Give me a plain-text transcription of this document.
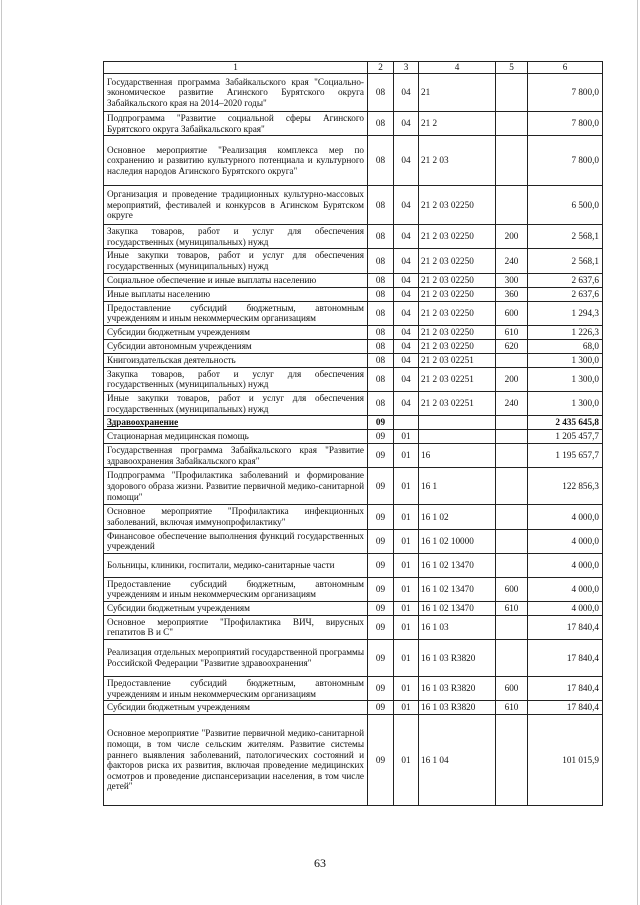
1	2	3	4	5	6
Государственная программа Забайкальского края "Социально-экономическое развитие Агинского Бурятского округа Забайкальского края на 2014–2020 годы"	08	04	21		7 800,0
Подпрограмма "Развитие социальной сферы Агинского Бурятского округа Забайкальского края"	08	04	21 2		7 800,0
Основное мероприятие "Реализация комплекса мер по сохранению и развитию культурного потенциала и культурного наследия народов Агинского Бурятского округа"	08	04	21 2 03		7 800,0
Организация и проведение традиционных культурно-массовых мероприятий, фестивалей и конкурсов в Агинском Бурятском округе	08	04	21 2 03 02250		6 500,0
Закупка товаров, работ и услуг для обеспечения государственных (муниципальных) нужд	08	04	21 2 03 02250	200	2 568,1
Иные закупки товаров, работ и услуг для обеспечения государственных (муниципальных) нужд	08	04	21 2 03 02250	240	2 568,1
Социальное обеспечение и иные выплаты населению	08	04	21 2 03 02250	300	2 637,6
Иные выплаты населению	08	04	21 2 03 02250	360	2 637,6
Предоставление субсидий бюджетным, автономным учреждениям и иным некоммерческим организациям	08	04	21 2 03 02250	600	1 294,3
Субсидии бюджетным учреждениям	08	04	21 2 03 02250	610	1 226,3
Субсидии автономным учреждениям	08	04	21 2 03 02250	620	68,0
Книгоиздательская деятельность	08	04	21 2 03 02251		1 300,0
Закупка товаров, работ и услуг для обеспечения государственных (муниципальных) нужд	08	04	21 2 03 02251	200	1 300,0
Иные закупки товаров, работ и услуг для обеспечения государственных (муниципальных) нужд	08	04	21 2 03 02251	240	1 300,0
Здравоохранение	09				2 435 645,8
Стационарная медицинская помощь	09	01			1 205 457,7
Государственная программа Забайкальского края "Развитие здравоохранения Забайкальского края"	09	01	16		1 195 657,7
Подпрограмма "Профилактика заболеваний и формирование здорового образа жизни. Развитие первичной медико-санитарной помощи"	09	01	16 1		122 856,3
Основное мероприятие "Профилактика инфекционных заболеваний, включая иммунопрофилактику"	09	01	16 1 02		4 000,0
Финансовое обеспечение выполнения функций государственных учреждений	09	01	16 1 02 10000		4 000,0
Больницы, клиники, госпитали, медико-санитарные части	09	01	16 1 02 13470		4 000,0
Предоставление субсидий бюджетным, автономным учреждениям и иным некоммерческим организациям	09	01	16 1 02 13470	600	4 000,0
Субсидии бюджетным учреждениям	09	01	16 1 02 13470	610	4 000,0
Основное мероприятие "Профилактика ВИЧ, вирусных гепатитов В и С"	09	01	16 1 03		17 840,4
Реализация отдельных мероприятий государственной программы Российской Федерации "Развитие здравоохранения"	09	01	16 1 03 R3820		17 840,4
Предоставление субсидий бюджетным, автономным учреждениям и иным некоммерческим организациям	09	01	16 1 03 R3820	600	17 840,4
Субсидии бюджетным учреждениям	09	01	16 1 03 R3820	610	17 840,4
Основное мероприятие "Развитие первичной медико-санитарной помощи, в том числе сельским жителям. Развитие системы раннего выявления заболеваний, патологических состояний и факторов риска их развития, включая проведение медицинских осмотров и проведение диспансеризации населения, в том числе детей"	09	01	16 1 04		101 015,9
63
